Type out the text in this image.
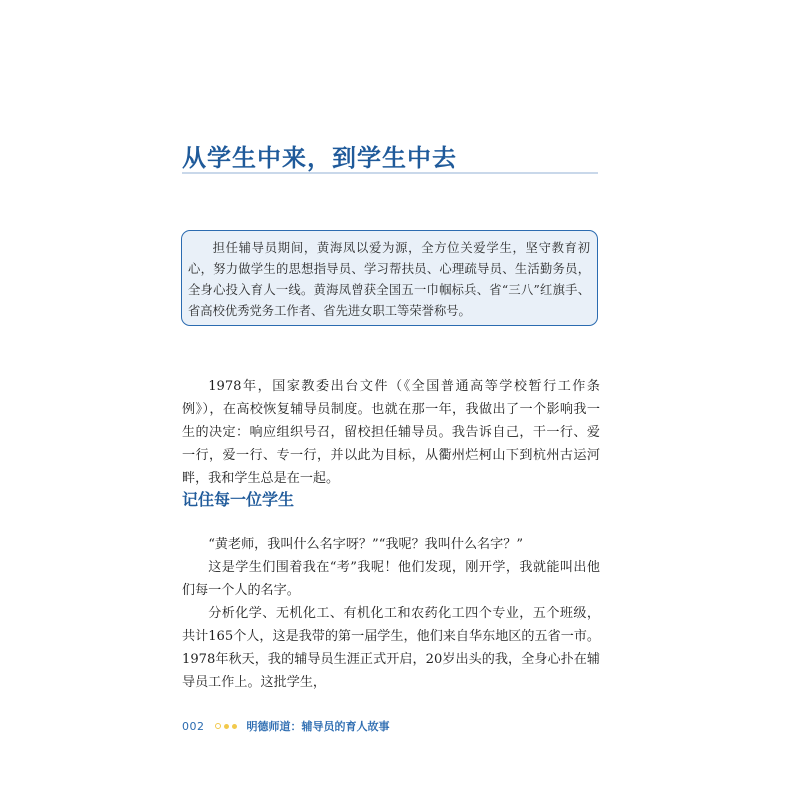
从学生中来，到学生中去
担任辅导员期间，黄海凤以爱为源，全方位关爱学生，坚守教育初心，努力做学生的思想指导员、学习帮扶员、心理疏导员、生活勤务员，全身心投入育人一线。黄海凤曾获全国五一巾帼标兵、省“三八”红旗手、省高校优秀党务工作者、省先进女职工等荣誉称号。
1978年，国家教委出台文件（《全国普通高等学校暂行工作条例》），在高校恢复辅导员制度。也就在那一年，我做出了一个影响我一生的决定：响应组织号召，留校担任辅导员。我告诉自己，干一行、爱一行，爱一行、专一行，并以此为目标，从衢州烂柯山下到杭州古运河畔，我和学生总是在一起。
记住每一位学生
“黄老师，我叫什么名字呀？”“我呢？我叫什么名字？”
这是学生们围着我在“考”我呢！他们发现，刚开学，我就能叫出他们每一个人的名字。
分析化学、无机化工、有机化工和农药化工四个专业，五个班级，共计165个人，这是我带的第一届学生，他们来自华东地区的五省一市。1978年秋天，我的辅导员生涯正式开启，20岁出头的我，全身心扑在辅导员工作上。这批学生，
002	明德师道：辅导员的育人故事
